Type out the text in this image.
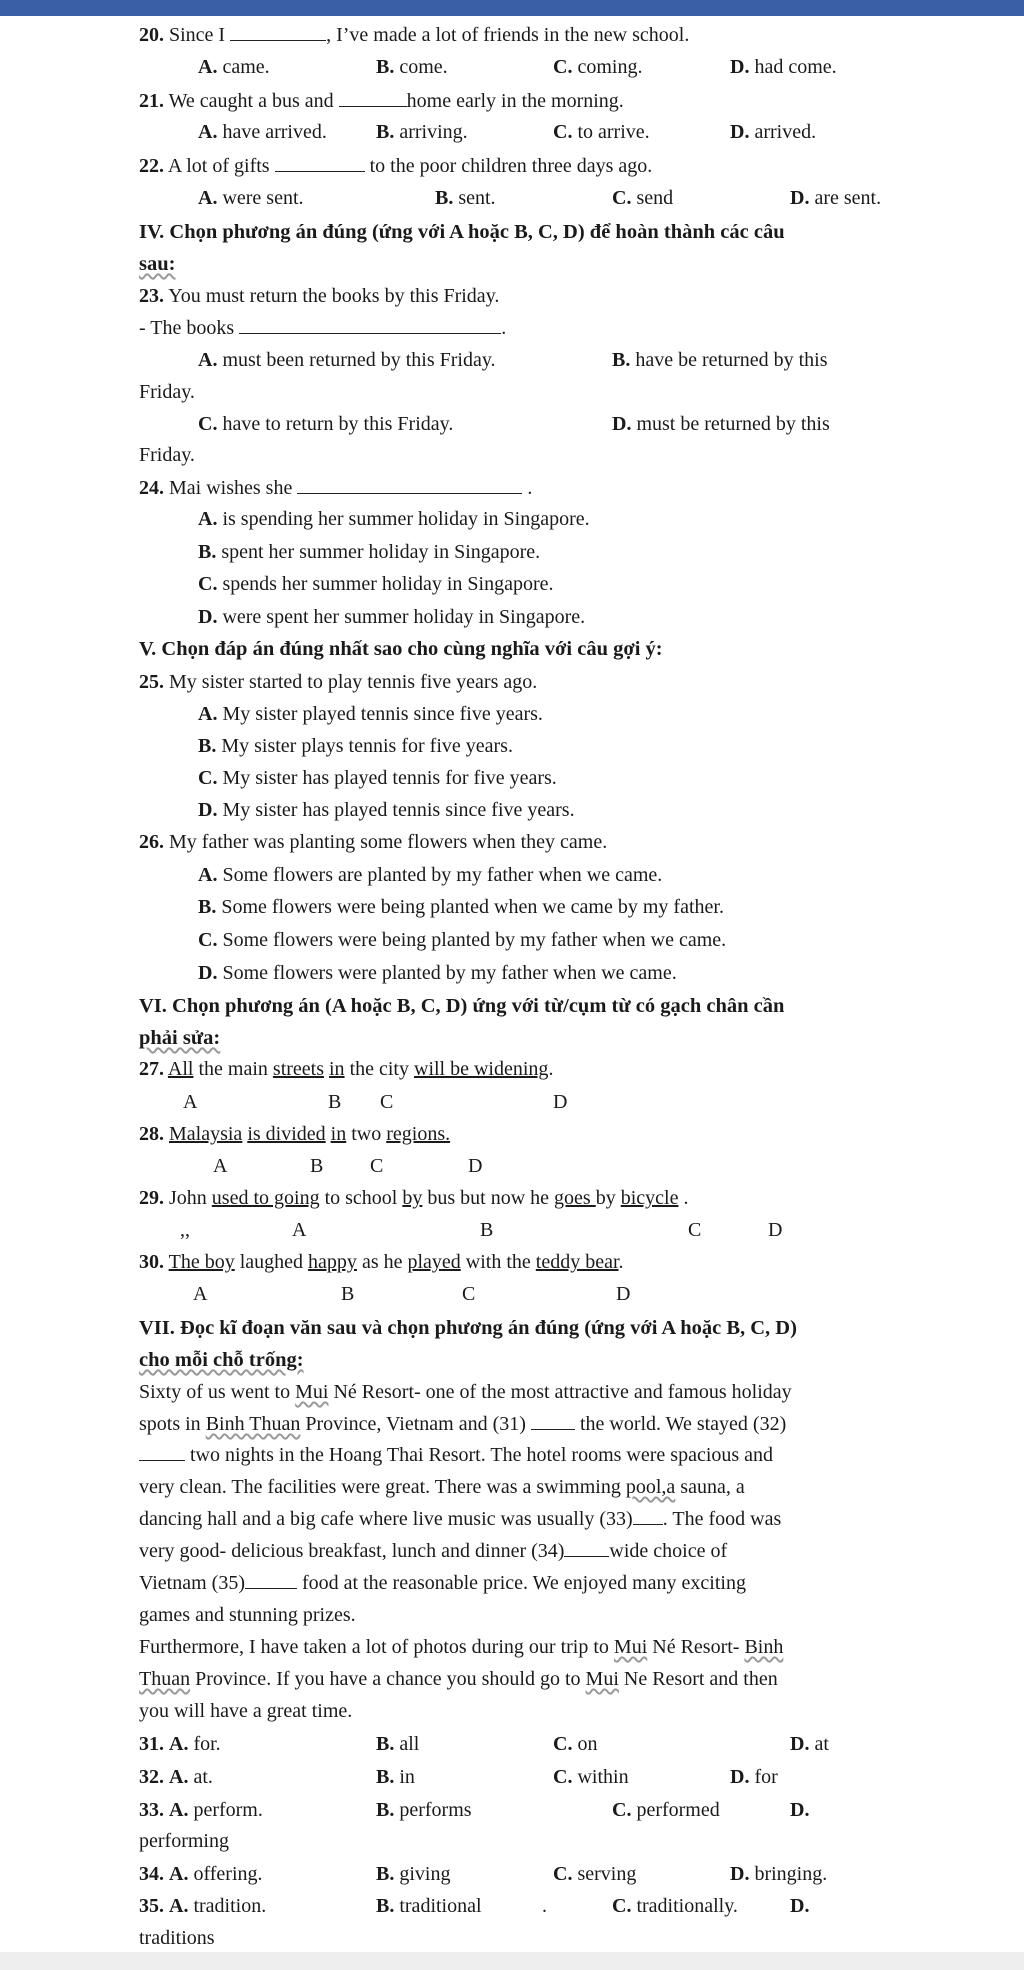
20. Since I	, I’ve made a lot of friends in the new school.
A. came.	B. come.	C. coming.	D. had come.
21. We caught a bus and	home early in the morning.
A. have arrived. B. arriving.	C. to arrive.	D. arrived.
22. A lot of gifts	to the poor children three days ago.
A. were sent.	B. sent.	C. send	D. are sent.
IV. Chọn phương án đúng (ứng với A hoặc B, C, D) để hoàn thành các câu
sau:
23. You must return the books by this Friday.
- The books	.
A. must been returned by this Friday.	B. have be returned by this
Friday.
C. have to return by this Friday.	D. must be returned by this
Friday.
24. Mai wishes she	.
A. is spending her summer holiday in Singapore.
B. spent her summer holiday in Singapore.
C. spends her summer holiday in Singapore.
D. were spent her summer holiday in Singapore.
V. Chọn đáp án đúng nhất sao cho cùng nghĩa với câu gợi ý:
25. My sister started to play tennis five years ago.
A. My sister played tennis since five years.
B. My sister plays tennis for five years.
C. My sister has played tennis for five years.
D. My sister has played tennis since five years.
26. My father was planting some flowers when they came.
A. Some flowers are planted by my father when we came.
B. Some flowers were being planted when we came by my father.
C. Some flowers were being planted by my father when we came.
D. Some flowers were planted by my father when we came.
VI. Chọn phương án (A hoặc B, C, D) ứng với từ/cụm từ có gạch chân cần
phải sửa:
27. All the main streets in the city will be widening.
A	B C	D
28. Malaysia is divided in two regions.
A	B C	D
29. John used to going to school by bus but now he goes by bicycle .
,,	A	B	C	D
30. The boy laughed happy as he played with the teddy bear.
A	B	C	D
VII. Đọc kĩ đoạn văn sau và chọn phương án đúng (ứng với A hoặc B, C, D)
cho mỗi chỗ trống:
Sixty of us went to Mui Né Resort- one of the most attractive and famous holiday
spots in Binh Thuan Province, Vietnam and (31)  the world. We stayed (32)
two nights in the Hoang Thai Resort. The hotel rooms were spacious and
very clean. The facilities were great. There was a swimming pool,a sauna, a
dancing hall and a big cafe where live music was usually (33) . The food was
very good- delicious breakfast, lunch and dinner (34) wide choice of
Vietnam (35)	food at the reasonable price. We enjoyed many exciting
games and stunning prizes.
Furthermore, I have taken a lot of photos during our trip to Mui Né Resort- Binh
Thuan Province. If you have a chance you should go to Mui Ne Resort and then
you will have a great time.
31. A. for.	B. all	C. on	D. at
32. A. at.	B. in	C. within	D. for
33. A. perform.	B. performs	C. performed	D.
performing
34. A. offering.	B. giving	C. serving	D. bringing.
35. A. tradition.	B. traditional	.	C. traditionally.	D.
traditions
